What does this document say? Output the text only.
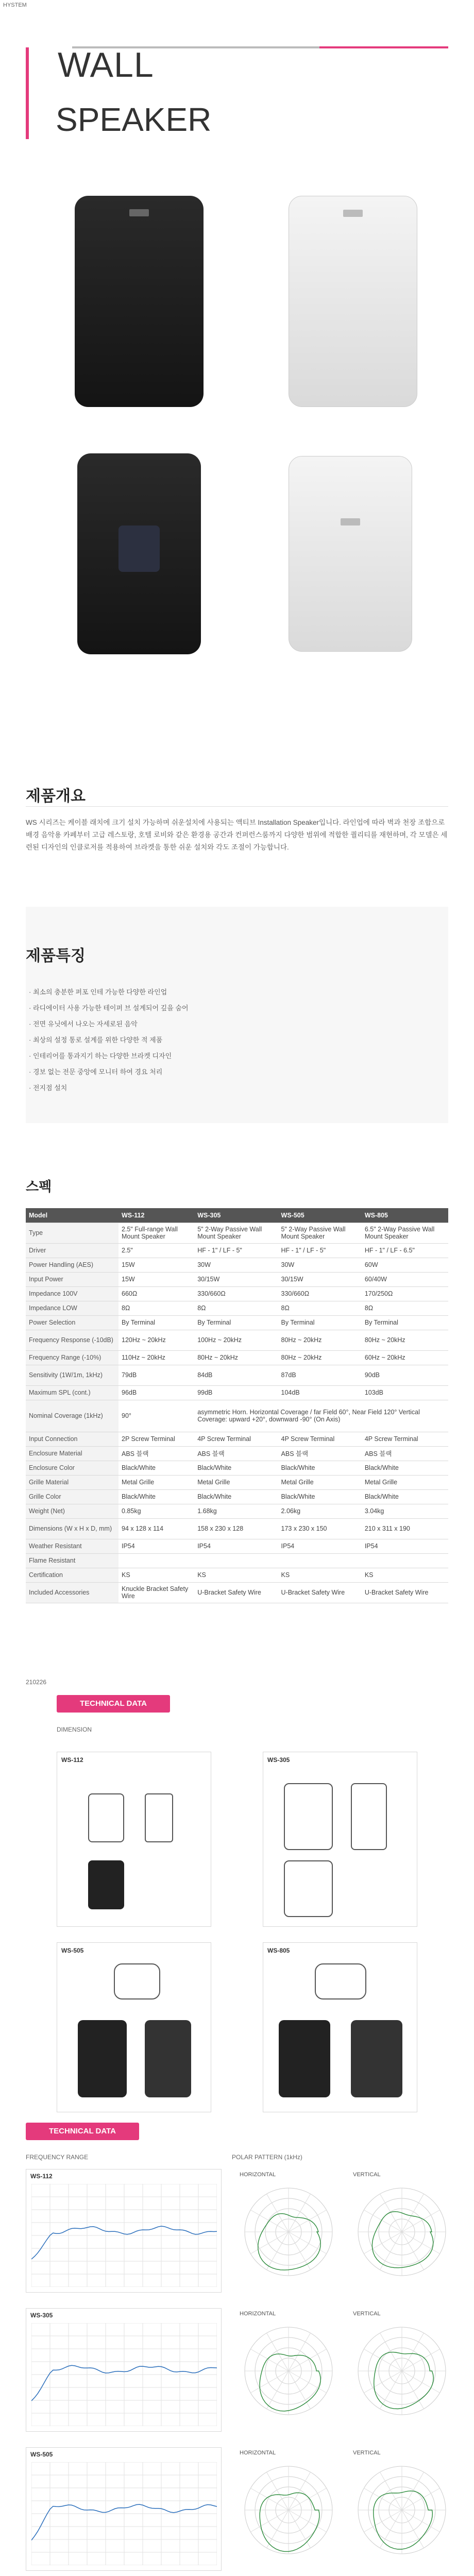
HYSTEM
WALL
SPEAKER
제품개요
WS 시리즈는 케이블 래치에 크기 설치 가능하며 쉬운설치에 사용되는 액티브 Installation Speaker입니다. 라인업에 따라 벽과 천장 조합으로 배경 음악용 카페부터 고급 레스토랑, 호텔 로비와 같은 환경용 공간과 컨퍼런스룸까지 다양한 범위에 적합한 퀄리티를 재현하며, 각 모델은 세련된 디자인의 인클로저를 적용하여 브라켓을 통한 쉬운 설치와 각도 조절이 가능합니다.
제품특징
· 최소의 충분한 퍼포 인테 가능한 다양한 라인업
· 라디에이터 사용 가능한 테이퍼 브 설계되어 깊을 숨어
· 전면 유닛에서 나오는 자세로된 음악
· 최상의 설정 통로 설계를 위한 다양한 적 제품
· 인테리어를 통과지기 하는 다양한 브라켓 디자인
· 경보 없는 전문 중앙에 모니터 하여 경요 처리
· 전지점 설치
스펙
Model	WS-112	WS-305	WS-505	WS-805
Type	2.5" Full-range Wall Mount Speaker	5" 2-Way Passive Wall Mount Speaker	5" 2-Way Passive Wall Mount Speaker	6.5" 2-Way Passive Wall Mount Speaker
Driver	2.5"	HF - 1" / LF - 5"	HF - 1" / LF - 5"	HF - 1" / LF - 6.5"
Power Handling (AES)	15W	30W	30W	60W
Input Power	15W	30/15W	30/15W	60/40W
Impedance 100V	660Ω	330/660Ω	330/660Ω	170/250Ω
Impedance LOW	8Ω	8Ω	8Ω	8Ω
Power Selection	By Terminal	By Terminal	By Terminal	By Terminal
Frequency Response (-10dB)	120Hz ~ 20kHz	100Hz ~ 20kHz	80Hz ~ 20kHz	80Hz ~ 20kHz
Frequency Range (-10%)	110Hz ~ 20kHz	80Hz ~ 20kHz	80Hz ~ 20kHz	60Hz ~ 20kHz
Sensitivity (1W/1m, 1kHz)	79dB	84dB	87dB	90dB
Maximum SPL (cont.)	96dB	99dB	104dB	103dB
Nominal Coverage (1kHz)	90°	asymmetric Horn. Horizontal Coverage / far Field 60°, Near Field 120° Vertical Coverage: upward +20°, downward -90° (On Axis)		
Input Connection	2P Screw Terminal	4P Screw Terminal	4P Screw Terminal	4P Screw Terminal
Enclosure Material	ABS 블랙	ABS 블랙	ABS 블랙	ABS 블랙
Enclosure Color	Black/White	Black/White	Black/White	Black/White
Grille Material	Metal Grille	Metal Grille	Metal Grille	Metal Grille
Grille Color	Black/White	Black/White	Black/White	Black/White
Weight (Net)	0.85kg	1.68kg	2.06kg	3.04kg
Dimensions (W x H x D, mm)	94 x 128 x 114	158 x 230 x 128	173 x 230 x 150	210 x 311 x 190
Weather Resistant	IP54	IP54	IP54	IP54
Flame Resistant				
Certification	KS	KS	KS	KS
Included Accessories	Knuckle Bracket Safety Wire	U-Bracket Safety Wire	U-Bracket Safety Wire	U-Bracket Safety Wire
210226
TECHNICAL DATA
DIMENSION
WS-112	WS-305
WS-505	WS-805
TECHNICAL DATA
FREQUENCY RANGE	POLAR PATTERN (1kHz)
WS-112	HORIZONTAL	VERTICAL
WS-305	HORIZONTAL	VERTICAL
WS-505	HORIZONTAL	VERTICAL
